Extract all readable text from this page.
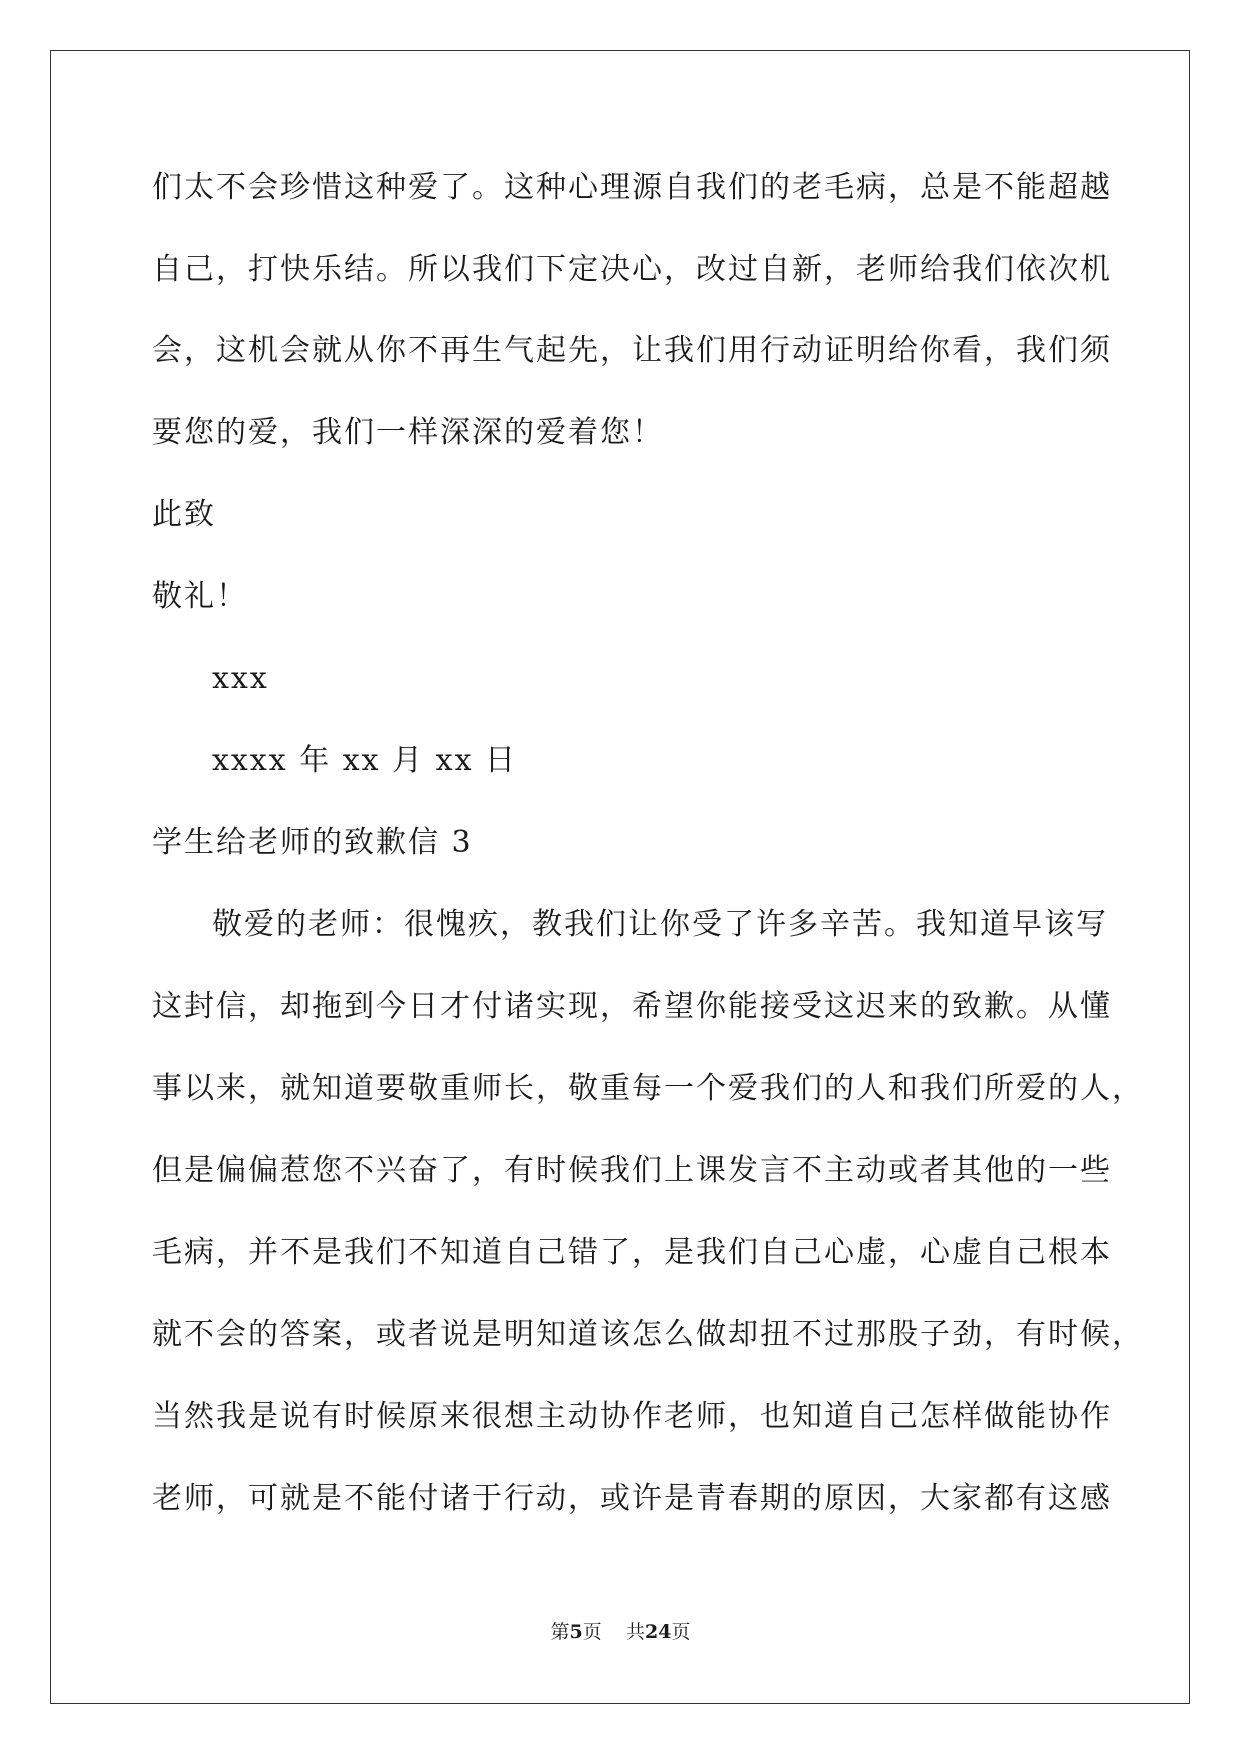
们太不会珍惜这种爱了。这种心理源自我们的老毛病，总是不能超越
自己，打快乐结。所以我们下定决心，改过自新，老师给我们依次机
会，这机会就从你不再生气起先，让我们用行动证明给你看，我们须
要您的爱，我们一样深深的爱着您！
此致
敬礼！
xxx
xxxx 年 xx 月 xx 日
学生给老师的致歉信 3
敬爱的老师：很愧疚，教我们让你受了许多辛苦。我知道早该写
这封信，却拖到今日才付诸实现，希望你能接受这迟来的致歉。从懂
事以来，就知道要敬重师长，敬重每一个爱我们的人和我们所爱的人，
但是偏偏惹您不兴奋了，有时候我们上课发言不主动或者其他的一些
毛病，并不是我们不知道自己错了，是我们自己心虚，心虚自己根本
就不会的答案，或者说是明知道该怎么做却扭不过那股子劲，有时候，
当然我是说有时候原来很想主动协作老师，也知道自己怎样做能协作
老师，可就是不能付诸于行动，或许是青春期的原因，大家都有这感
第5页 共24页
